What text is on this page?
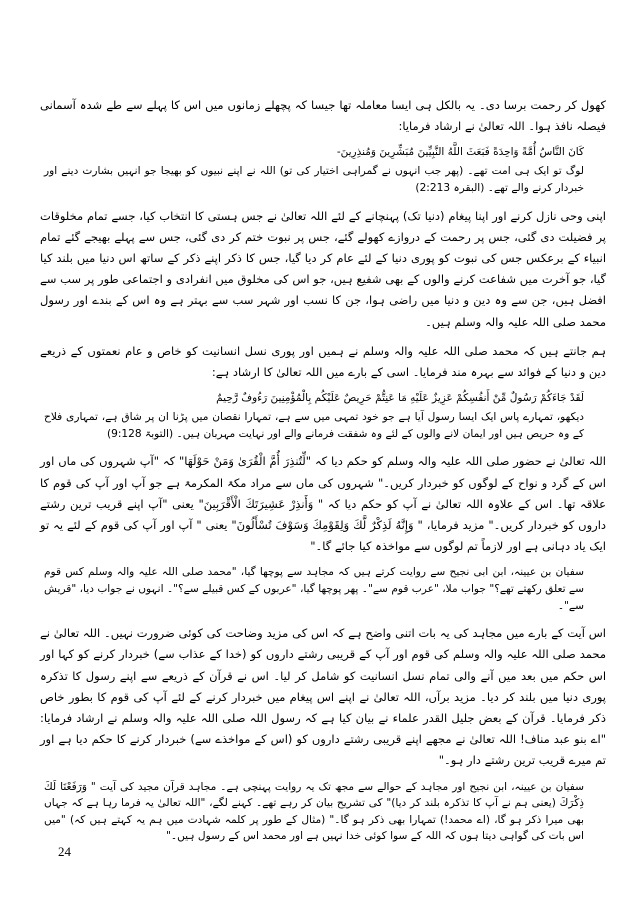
کھول کر رحمت برسا دی۔ یہ بالکل ہی ایسا معاملہ تھا جیسا کہ پچھلے زمانوں میں اس کا پہلے سے طے شدہ آسمانی فیصلہ نافذ ہوا۔ اللہ تعالیٰ نے ارشاد فرمایا:

كَانَ النَّاسُ أُمَّةً وَاحِدَةً فَبَعَثَ اللَّهُ النَّبِيِّينَ مُبَشِّرِينَ وَمُنذِرِينَ-
لوگ تو ایک ہی امت تھے۔ (پھر جب انہوں نے گمراہی اختیار کی تو) اللہ نے اپنے نبیوں کو بھیجا جو انہیں بشارت دینے اور خبردار کرنے والے تھے۔ (البقرہ 2:213)

اپنی وحی نازل کرنے اور اپنا پیغام (دنیا تک) پہنچانے کے لئے اللہ تعالیٰ نے جس ہستی کا انتخاب کیا، جسے تمام مخلوقات پر فضیلت دی گئی، جس پر رحمت کے دروازے کھولے گئے، جس پر نبوت ختم کر دی گئی، جس سے پہلے بھیجے گئے تمام انبیاء کے برعکس جس کی نبوت کو پوری دنیا کے لئے عام کر دیا گیا، جس کا ذکر اپنے ذکر کے ساتھ اس دنیا میں بلند کیا گیا، جو آخرت میں شفاعت کرنے والوں کے بھی شفیع ہیں، جو اس کی مخلوق میں انفرادی و اجتماعی طور پر سب سے افضل ہیں، جن سے وہ دین و دنیا میں راضی ہوا، جن کا نسب اور شہر سب سے بہتر ہے وہ اس کے بندے اور رسول محمد صلی اللہ علیہ والہ وسلم ہیں۔

ہم جانتے ہیں کہ محمد صلی اللہ علیہ والہ وسلم نے ہمیں اور پوری نسل انسانیت کو خاص و عام نعمتوں کے ذریعے دین و دنیا کے فوائد سے بہرہ مند فرمایا۔ اسی کے بارے میں اللہ تعالیٰ کا ارشاد ہے:

لَقَدْ جَاءَكُمْ رَسُولٌ مِّنْ أَنفُسِكُمْ عَزِيزٌ عَلَيْهِ مَا عَنِتُّمْ حَرِيصٌ عَلَيْكُم بِالْمُؤْمِنِينَ رَءُوفٌ رَّحِيمٌ
دیکھو، تمہارے پاس ایک ایسا رسول آیا ہے جو خود تمہی میں سے ہے، تمہارا نقصان میں پڑنا ان پر شاق ہے، تمہاری فلاح کے وہ حریص ہیں اور ایمان لانے والوں کے لئے وہ شفقت فرمانے والے اور نہایت مہربان ہیں۔ (التوبۃ 9:128)

اللہ تعالیٰ نے حضور صلی اللہ علیہ والہ وسلم کو حکم دیا کہ "لِّتُنذِرَ أُمَّ الْقُرَىٰ وَمَنْ حَوْلَهَا" کہ "آپ شہروں کی ماں اور اس کے گرد و نواح کے لوگوں کو خبردار کریں۔" شہروں کی ماں سے مراد مکۃ المکرمۃ ہے جو آپ اور آپ کی قوم کا علاقہ تھا۔ اس کے علاوہ اللہ تعالیٰ نے آپ کو حکم دیا کہ " وَأَنذِرْ عَشِيرَتَكَ الْأَقْرَبِينَ" یعنی "آپ اپنے قریب ترین رشتے داروں کو خبردار کریں۔" مزید فرمایا، " وَإِنَّهُ لَذِكْرٌ لَّكَ وَلِقَوْمِكَ وَسَوْفَ تُسْأَلُونَ" یعنی " آپ اور آپ کی قوم کے لئے یہ تو ایک یاد دہانی ہے اور لازماً تم لوگوں سے مواخذہ کیا جائے گا۔"

سفیان بن عیینہ، ابن ابی نجیح سے روایت کرتے ہیں کہ مجاہد سے پوچھا گیا، "محمد صلی اللہ علیہ والہ وسلم کس قوم سے تعلق رکھتے تھے؟" جواب ملا، "عرب قوم سے"۔ پھر پوچھا گیا، "عربوں کے کس قبیلے سے؟"۔ انہوں نے جواب دیا، "قریش سے"۔

اس آیت کے بارے میں مجاہد کی یہ بات اتنی واضح ہے کہ اس کی مزید وضاحت کی کوئی ضرورت نہیں۔ اللہ تعالیٰ نے محمد صلی اللہ علیہ والہ وسلم کی قوم اور آپ کے قریبی رشتے داروں کو (خدا کے عذاب سے) خبردار کرنے کو کہا اور اس حکم میں بعد میں آنے والی تمام نسل انسانیت کو شامل کر لیا۔ اس نے قرآن کے ذریعے سے اپنے رسول کا تذکرہ پوری دنیا میں بلند کر دیا۔ مزید برآں، اللہ تعالیٰ نے اپنے اس پیغام میں خبردار کرنے کے لئے آپ کی قوم کا بطور خاص ذکر فرمایا۔ قرآن کے بعض جلیل القدر علماء نے بیان کیا ہے کہ رسول اللہ صلی اللہ علیہ والہ وسلم نے ارشاد فرمایا: "اے بنو عبد مناف! اللہ تعالیٰ نے مجھے اپنے قریبی رشتے داروں کو (اس کے مواخذے سے) خبردار کرنے کا حکم دیا ہے اور تم میرے قریب ترین رشتے دار ہو۔"

سفیان بن عیینہ، ابن نجیح اور مجاہد کے حوالے سے مجھ تک یہ روایت پہنچی ہے۔ مجاہد قرآن مجید کی آیت " وَرَفَعْنَا لَكَ ذِكْرَكَ (یعنی ہم نے آپ کا تذکرہ بلند کر دیا)" کی تشریح بیان کر رہے تھے۔ کہنے لگے، "اللہ تعالیٰ یہ فرما رہا ہے کہ جہاں بھی میرا ذکر ہو گا، (اے محمد!) تمہارا بھی ذکر ہو گا۔" (مثال کے طور پر کلمہ شہادت میں ہم یہ کہتے ہیں کہ) "میں اس بات کی گواہی دیتا ہوں کہ اللہ کے سوا کوئی خدا نہیں ہے اور محمد اس کے رسول ہیں۔"

24
